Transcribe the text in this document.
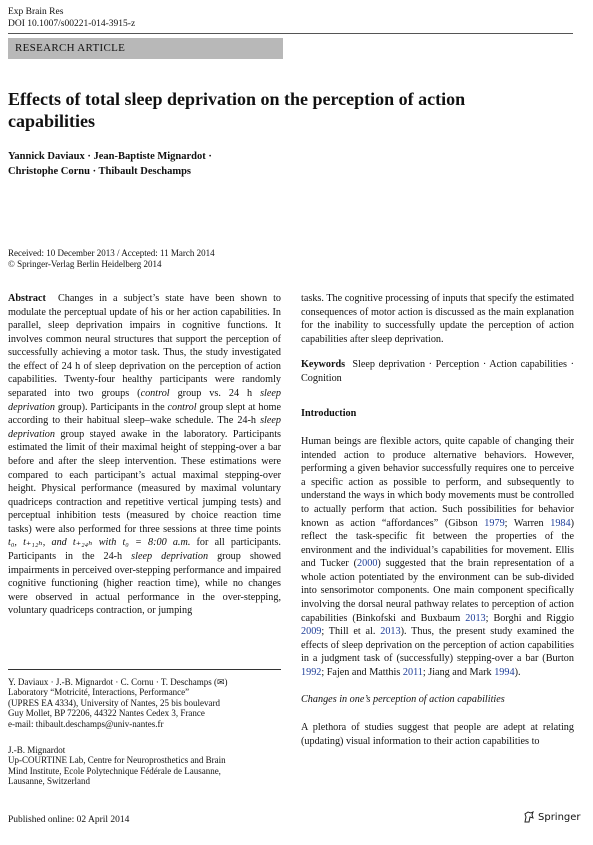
Exp Brain Res
DOI 10.1007/s00221-014-3915-z
RESEARCH ARTICLE
Effects of total sleep deprivation on the perception of action capabilities
Yannick Daviaux · Jean-Baptiste Mignardot ·
Christophe Cornu · Thibault Deschamps
Received: 10 December 2013 / Accepted: 11 March 2014
© Springer-Verlag Berlin Heidelberg 2014

Abstract Changes in a subject’s state have been shown to modulate the perceptual update of his or her action capabilities. In parallel, sleep deprivation impairs in cognitive functions. It involves common neural structures that support the perception of successfully achieving a motor task. Thus, the study investigated the effect of 24 h of sleep deprivation on the perception of action capabilities. Twenty-four healthy participants were randomly separated into two groups (control group vs. 24 h sleep deprivation group). Participants in the control group slept at home according to their habitual sleep–wake schedule. The 24-h sleep deprivation group stayed awake in the laboratory. Participants estimated the limit of their maximal height of stepping-over a bar before and after the sleep intervention. These estimations were compared to each participant’s actual maximal stepping-over height. Physical performance (measured by maximal voluntary quadriceps contraction and repetitive vertical jumping tests) and perceptual inhibition tests (measured by choice reaction time tasks) were also performed for three sessions at three time points t₀, t₊₁₂ₕ, and t₊₂₄ₕ with t₀ = 8:00 a.m. for all participants. Participants in the 24-h sleep deprivation group showed impairments in perceived over-stepping performance and impaired cognitive functioning (higher reaction time), while no changes were observed in actual performance in the over-stepping, voluntary quadriceps contraction, or jumping

Y. Daviaux · J.-B. Mignardot · C. Cornu · T. Deschamps (✉)
Laboratory “Motricité, Interactions, Performance”
(UPRES EA 4334), University of Nantes, 25 bis boulevard
Guy Mollet, BP 72206, 44322 Nantes Cedex 3, France
e-mail: thibault.deschamps@univ-nantes.fr
J.-B. Mignardot
Up-COURTINE Lab, Centre for Neuroprosthetics and Brain
Mind Institute, Ecole Polytechnique Fédérale de Lausanne,
Lausanne, Switzerland

tasks. The cognitive processing of inputs that specify the estimated consequences of motor action is discussed as the main explanation for the inability to successfully update the perception of action capabilities after sleep deprivation.

Keywords Sleep deprivation · Perception · Action capabilities · Cognition

Introduction

Human beings are flexible actors, quite capable of changing their intended action to produce alternative behaviors. However, performing a given behavior successfully requires one to perceive a specific action as possible to perform, and subsequently to understand the ways in which body movements must be controlled to actually perform that action. Such possibilities for behavior known as action “affordances” (Gibson 1979; Warren 1984) reflect the task-specific fit between the properties of the environment and the individual’s capabilities for movement. Ellis and Tucker (2000) suggested that the brain representation of a whole action potentiated by the environment can be sub-divided into sensorimotor components. One main component specifically involving the dorsal neural pathway relates to perception of action capabilities (Binkofski and Buxbaum 2013; Borghi and Riggio 2009; Thill et al. 2013). Thus, the present study examined the effects of sleep deprivation on the perception of action capabilities in a judgment task of (successfully) stepping-over a bar (Burton 1992; Fajen and Matthis 2011; Jiang and Mark 1994).

Changes in one’s perception of action capabilities

A plethora of studies suggest that people are adept at relating (updating) visual information to their action capabilities to

Published online: 02 April 2014	Springer
